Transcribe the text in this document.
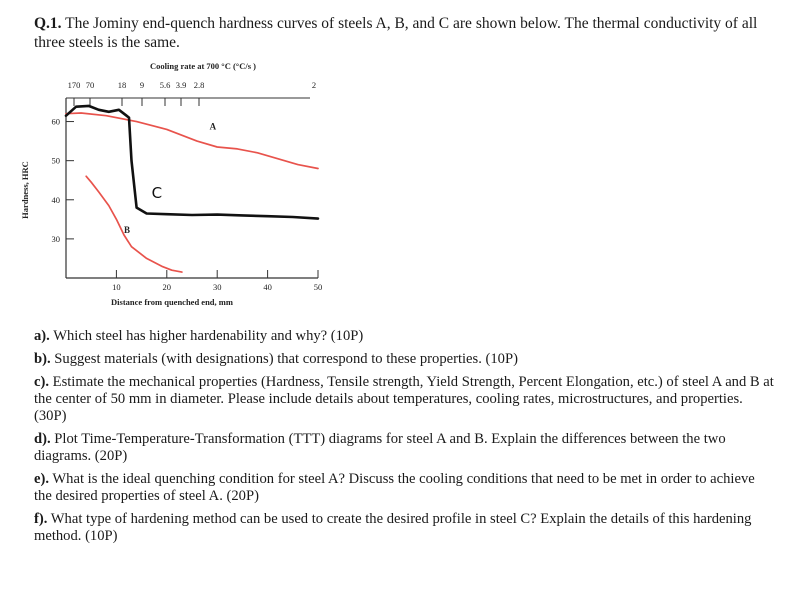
Q.1. The Jominy end-quench hardness curves of steels A, B, and C are shown below. The thermal conductivity of all three steels is the same.
Cooling rate at 700 °C (°C/s )
170 70	18 9 5.6 3.9 2.8	2
60
50
40
30
10	20	30	40	50
Distance from quenched end, mm
Hardness, HRC
A
B
C
a). Which steel has higher hardenability and why? (10P)
b). Suggest materials (with designations) that correspond to these properties. (10P)
c). Estimate the mechanical properties (Hardness, Tensile strength, Yield Strength, Percent Elongation, etc.) of steel A and B at the center of 50 mm in diameter. Please include details about temperatures, cooling rates, microstructures, and properties. (30P)
d). Plot Time-Temperature-Transformation (TTT) diagrams for steel A and B. Explain the differences between the two diagrams. (20P)
e). What is the ideal quenching condition for steel A? Discuss the cooling conditions that need to be met in order to achieve the desired properties of steel A. (20P)
f). What type of hardening method can be used to create the desired profile in steel C? Explain the details of this hardening method. (10P)
